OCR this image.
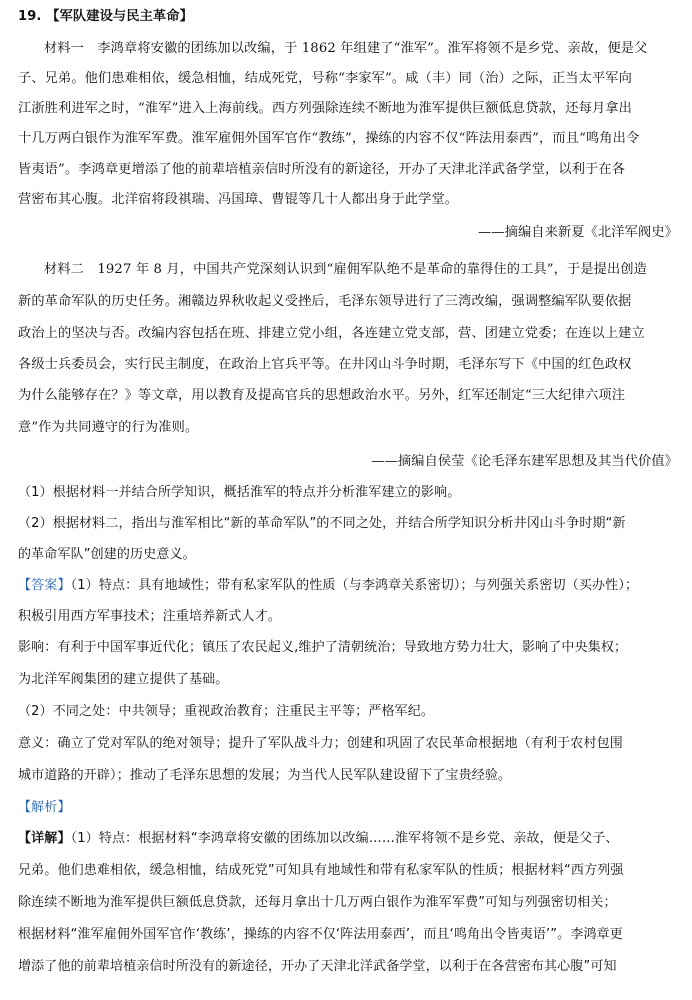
19. 【军队建设与民主革命】
材料一　李鸿章将安徽的团练加以改编，于 1862 年组建了“淮军”。淮军将领不是乡党、亲故，便是父
子、兄弟。他们患难相依，缓急相恤，结成死党，号称“李家军”。咸（丰）同（治）之际，正当太平军向
江浙胜利进军之时，“淮军”进入上海前线。西方列强除连续不断地为淮军提供巨额低息贷款，还每月拿出
十几万两白银作为淮军军费。淮军雇佣外国军官作“教练”，操练的内容不仅“阵法用泰西”，而且“鸣角出令
皆夷语”。李鸿章更增添了他的前辈培植亲信时所没有的新途径，开办了天津北洋武备学堂，以利于在各
营密布其心腹。北洋宿将段祺瑞、冯国璋、曹锟等几十人都出身于此学堂。
——摘编自来新夏《北洋军阀史》
材料二　1927 年 8 月，中国共产党深刻认识到“雇佣军队绝不是革命的靠得住的工具”，于是提出创造
新的革命军队的历史任务。湘赣边界秋收起义受挫后，毛泽东领导进行了三湾改编，强调整编军队要依据
政治上的坚决与否。改编内容包括在班、排建立党小组，各连建立党支部，营、团建立党委；在连以上建立
各级士兵委员会，实行民主制度，在政治上官兵平等。在井冈山斗争时期，毛泽东写下《中国的红色政权
为什么能够存在？》等文章，用以教育及提高官兵的思想政治水平。另外，红军还制定“三大纪律六项注
意”作为共同遵守的行为准则。
——摘编自侯莹《论毛泽东建军思想及其当代价值》
（1）根据材料一并结合所学知识，概括淮军的特点并分析淮军建立的影响。
（2）根据材料二，指出与淮军相比“新的革命军队”的不同之处，并结合所学知识分析井冈山斗争时期“新
的革命军队”创建的历史意义。
【答案】（1）特点：具有地域性；带有私家军队的性质（与李鸿章关系密切）；与列强关系密切（买办性）；
积极引用西方军事技术；注重培养新式人才。
影响：有利于中国军事近代化；镇压了农民起义,维护了清朝统治；导致地方势力壮大，影响了中央集权；
为北洋军阀集团的建立提供了基础。
（2）不同之处：中共领导；重视政治教育；注重民主平等；严格军纪。
意义：确立了党对军队的绝对领导；提升了军队战斗力；创建和巩固了农民革命根据地（有利于农村包围
城市道路的开辟）；推动了毛泽东思想的发展；为当代人民军队建设留下了宝贵经验。
【解析】
【详解】（1）特点：根据材料“李鸿章将安徽的团练加以改编……淮军将领不是乡党、亲故，便是父子、
兄弟。他们患难相依，缓急相恤，结成死党”可知具有地域性和带有私家军队的性质；根据材料“西方列强
除连续不断地为淮军提供巨额低息贷款，还每月拿出十几万两白银作为淮军军费”可知与列强密切相关；
根据材料“淮军雇佣外国军官作‘教练’，操练的内容不仅‘阵法用泰西’，而且‘鸣角出令皆夷语’”。李鸿章更
增添了他的前辈培植亲信时所没有的新途径，开办了天津北洋武备学堂，以利于在各营密布其心腹”可知
